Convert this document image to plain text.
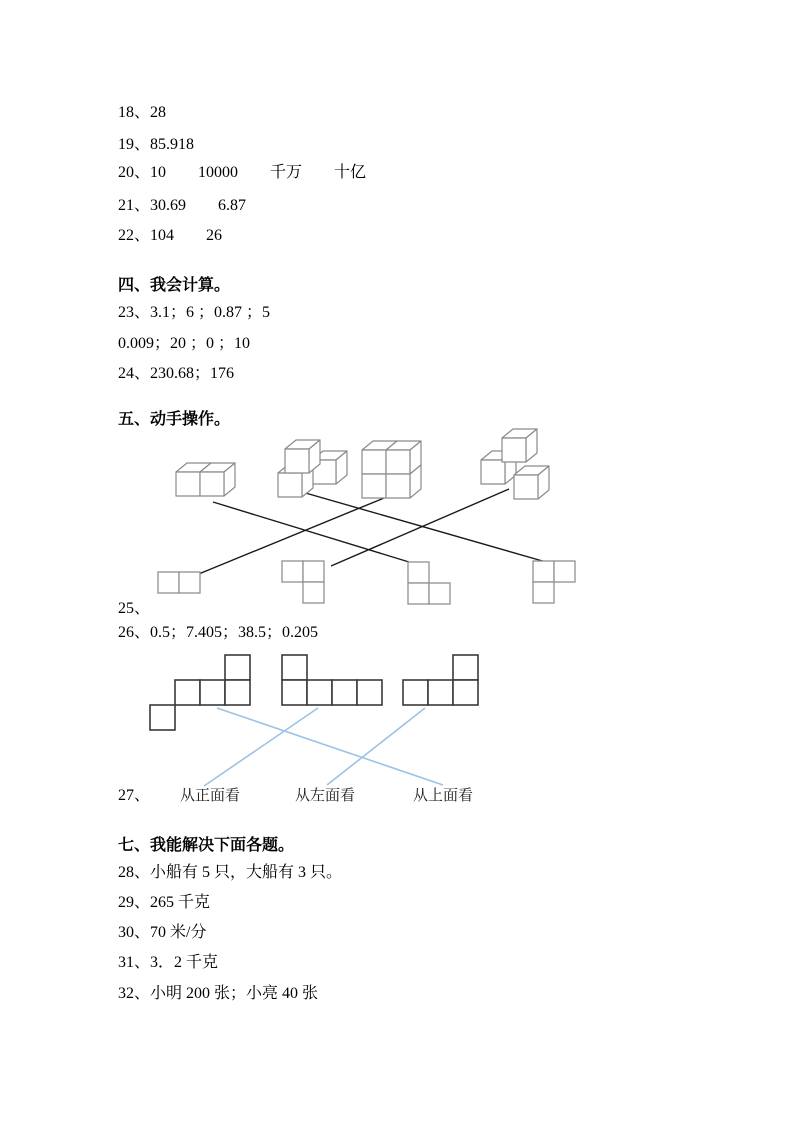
18、28
19、85.918
20、10　　10000　　千万　　十亿
21、30.69　　6.87
22、104　　26
四、我会计算。
23、3.1；6 ；0.87 ；5
0.009；20 ；0 ；10
24、230.68；176
五、动手操作。
25、
26、0.5；7.405；38.5；0.205
从正面看	从左面看	从上面看
27、
七、我能解决下面各题。
28、小船有 5 只，大船有 3 只。
29、265 千克
30、70 米/分
31、3．2 千克
32、小明 200 张；小亮 40 张
